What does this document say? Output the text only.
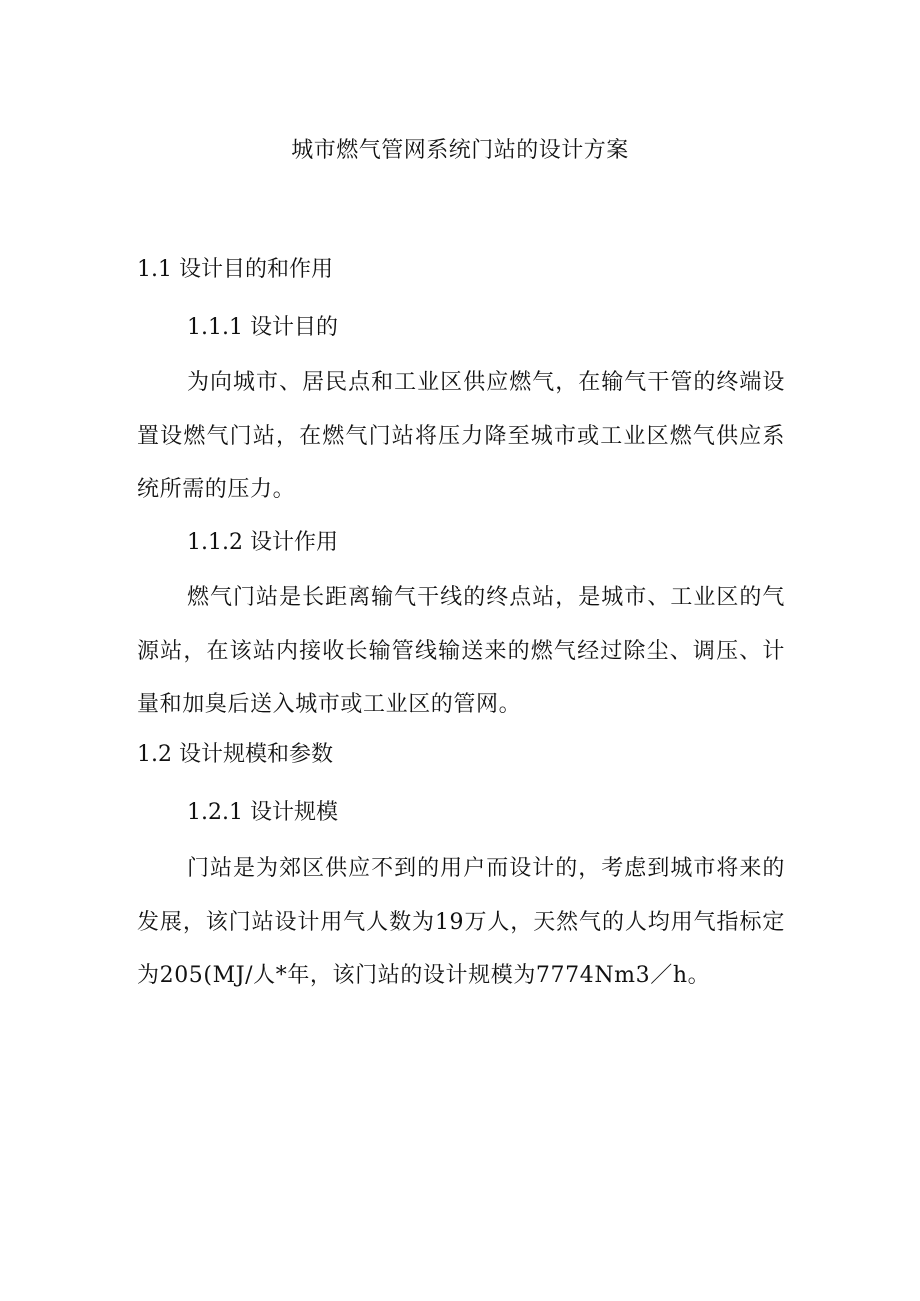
城市燃气管网系统门站的设计方案
1.1 设计目的和作用
1.1.1 设计目的
为向城市、居民点和工业区供应燃气，在输气干管的终端设置设燃气门站，在燃气门站将压力降至城市或工业区燃气供应系统所需的压力。
1.1.2 设计作用
燃气门站是长距离输气干线的终点站，是城市、工业区的气源站，在该站内接收长输管线输送来的燃气经过除尘、调压、计量和加臭后送入城市或工业区的管网。
1.2 设计规模和参数
1.2.1 设计规模
门站是为郊区供应不到的用户而设计的，考虑到城市将来的发展，该门站设计用气人数为19万人，天然气的人均用气指标定为205(MJ/人*年，该门站的设计规模为7774Nm3／h。
